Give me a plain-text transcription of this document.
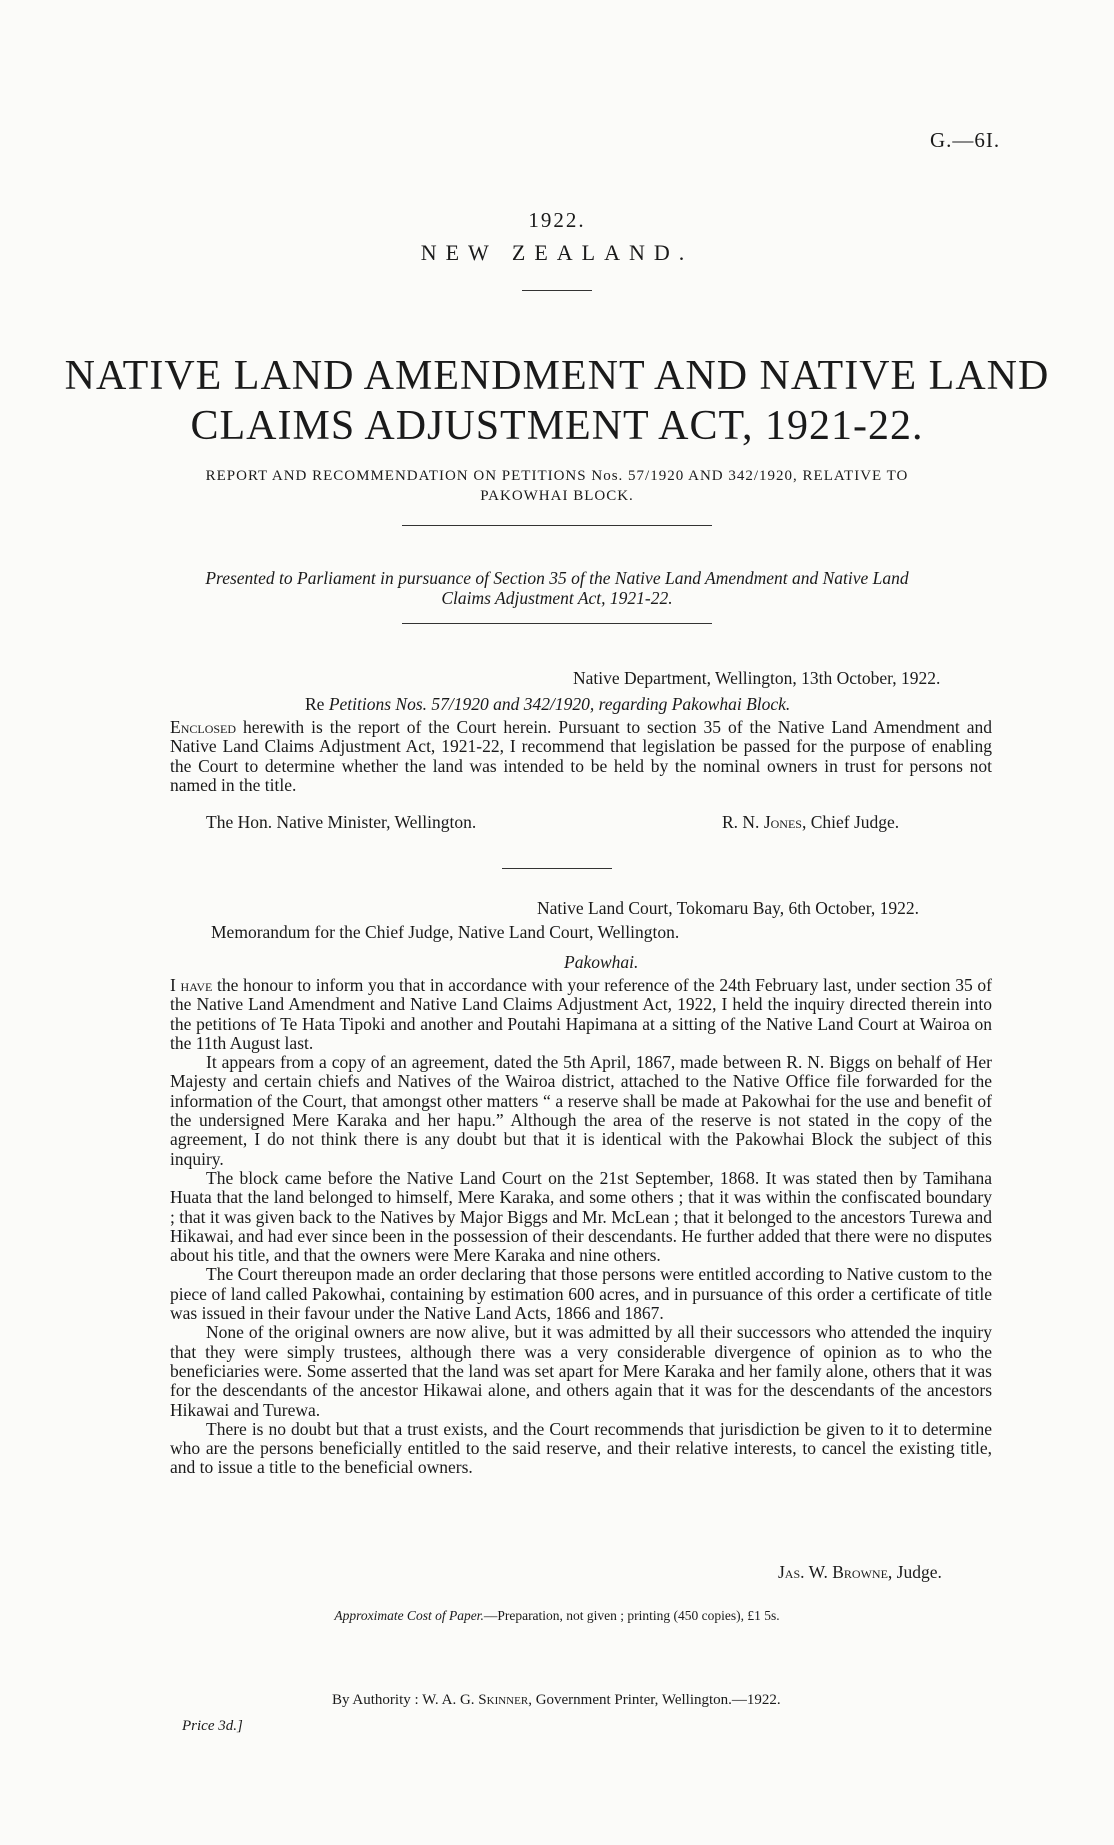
G.—6I.
1922.
NEW ZEALAND.
NATIVE LAND AMENDMENT AND NATIVE LAND
CLAIMS ADJUSTMENT ACT, 1921-22.
REPORT AND RECOMMENDATION ON PETITIONS Nos. 57/1920 AND 342/1920, RELATIVE TO
PAKOWHAI BLOCK.
Presented to Parliament in pursuance of Section 35 of the Native Land Amendment and Native Land
Claims Adjustment Act, 1921-22.
Native Department, Wellington, 13th October, 1922.
Re Petitions Nos. 57/1920 and 342/1920, regarding Pakowhai Block.

Enclosed herewith is the report of the Court herein. Pursuant to section 35 of the Native Land Amendment and Native Land Claims Adjustment Act, 1921-22, I recommend that legislation be passed for the purpose of enabling the Court to determine whether the land was intended to be held by the nominal owners in trust for persons not named in the title.

The Hon. Native Minister, Wellington.	R. N. Jones, Chief Judge.
Native Land Court, Tokomaru Bay, 6th October, 1922.
Memorandum for the Chief Judge, Native Land Court, Wellington.
Pakowhai.

I have the honour to inform you that in accordance with your reference of the 24th February last, under section 35 of the Native Land Amendment and Native Land Claims Adjustment Act, 1922, I held the inquiry directed therein into the petitions of Te Hata Tipoki and another and Poutahi Hapimana at a sitting of the Native Land Court at Wairoa on the 11th August last.

It appears from a copy of an agreement, dated the 5th April, 1867, made between R. N. Biggs on behalf of Her Majesty and certain chiefs and Natives of the Wairoa district, attached to the Native Office file forwarded for the information of the Court, that amongst other matters “ a reserve shall be made at Pakowhai for the use and benefit of the undersigned Mere Karaka and her hapu.” Although the area of the reserve is not stated in the copy of the agreement, I do not think there is any doubt but that it is identical with the Pakowhai Block the subject of this inquiry.

The block came before the Native Land Court on the 21st September, 1868. It was stated then by Tamihana Huata that the land belonged to himself, Mere Karaka, and some others ; that it was within the confiscated boundary ; that it was given back to the Natives by Major Biggs and Mr. McLean ; that it belonged to the ancestors Turewa and Hikawai, and had ever since been in the possession of their descendants. He further added that there were no disputes about his title, and that the owners were Mere Karaka and nine others.

The Court thereupon made an order declaring that those persons were entitled according to Native custom to the piece of land called Pakowhai, containing by estimation 600 acres, and in pursuance of this order a certificate of title was issued in their favour under the Native Land Acts, 1866 and 1867.

None of the original owners are now alive, but it was admitted by all their successors who attended the inquiry that they were simply trustees, although there was a very considerable divergence of opinion as to who the beneficiaries were. Some asserted that the land was set apart for Mere Karaka and her family alone, others that it was for the descendants of the ancestor Hikawai alone, and others again that it was for the descendants of the ancestors Hikawai and Turewa.

There is no doubt but that a trust exists, and the Court recommends that jurisdiction be given to it to determine who are the persons beneficially entitled to the said reserve, and their relative interests, to cancel the existing title, and to issue a title to the beneficial owners.

Jas. W. Browne, Judge.
Approximate Cost of Paper.—Preparation, not given ; printing (450 copies), £1 5s.
By Authority : W. A. G. Skinner, Government Printer, Wellington.—1922.
Price 3d.]
